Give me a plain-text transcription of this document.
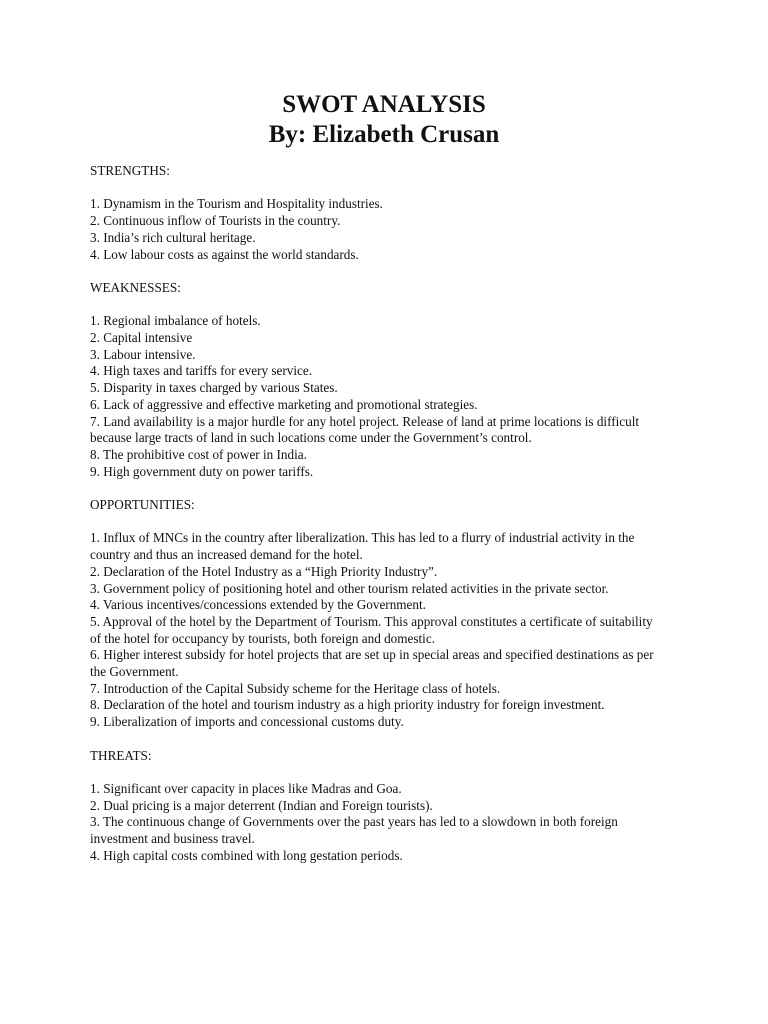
SWOT ANALYSIS
By: Elizabeth Crusan

STRENGTHS:

1. Dynamism in the Tourism and Hospitality industries.
2. Continuous inflow of Tourists in the country.
3. India’s rich cultural heritage.
4. Low labour costs as against the world standards.

WEAKNESSES:

1. Regional imbalance of hotels.
2. Capital intensive
3. Labour intensive.
4. High taxes and tariffs for every service.
5. Disparity in taxes charged by various States.
6. Lack of aggressive and effective marketing and promotional strategies.
7. Land availability is a major hurdle for any hotel project. Release of land at prime locations is difficult because large tracts of land in such locations come under the Government’s control.
8. The prohibitive cost of power in India.
9. High government duty on power tariffs.

OPPORTUNITIES:

1. Influx of MNCs in the country after liberalization. This has led to a flurry of industrial activity in the country and thus an increased demand for the hotel.
2. Declaration of the Hotel Industry as a “High Priority Industry”.
3. Government policy of positioning hotel and other tourism related activities in the private sector.
4. Various incentives/concessions extended by the Government.
5. Approval of the hotel by the Department of Tourism. This approval constitutes a certificate of suitability of the hotel for occupancy by tourists, both foreign and domestic.
6. Higher interest subsidy for hotel projects that are set up in special areas and specified destinations as per the Government.
7. Introduction of the Capital Subsidy scheme for the Heritage class of hotels.
8. Declaration of the hotel and tourism industry as a high priority industry for foreign investment.
9. Liberalization of imports and concessional customs duty.

THREATS:

1. Significant over capacity in places like Madras and Goa.
2. Dual pricing is a major deterrent (Indian and Foreign tourists).
3. The continuous change of Governments over the past years has led to a slowdown in both foreign investment and business travel.
4. High capital costs combined with long gestation periods.
